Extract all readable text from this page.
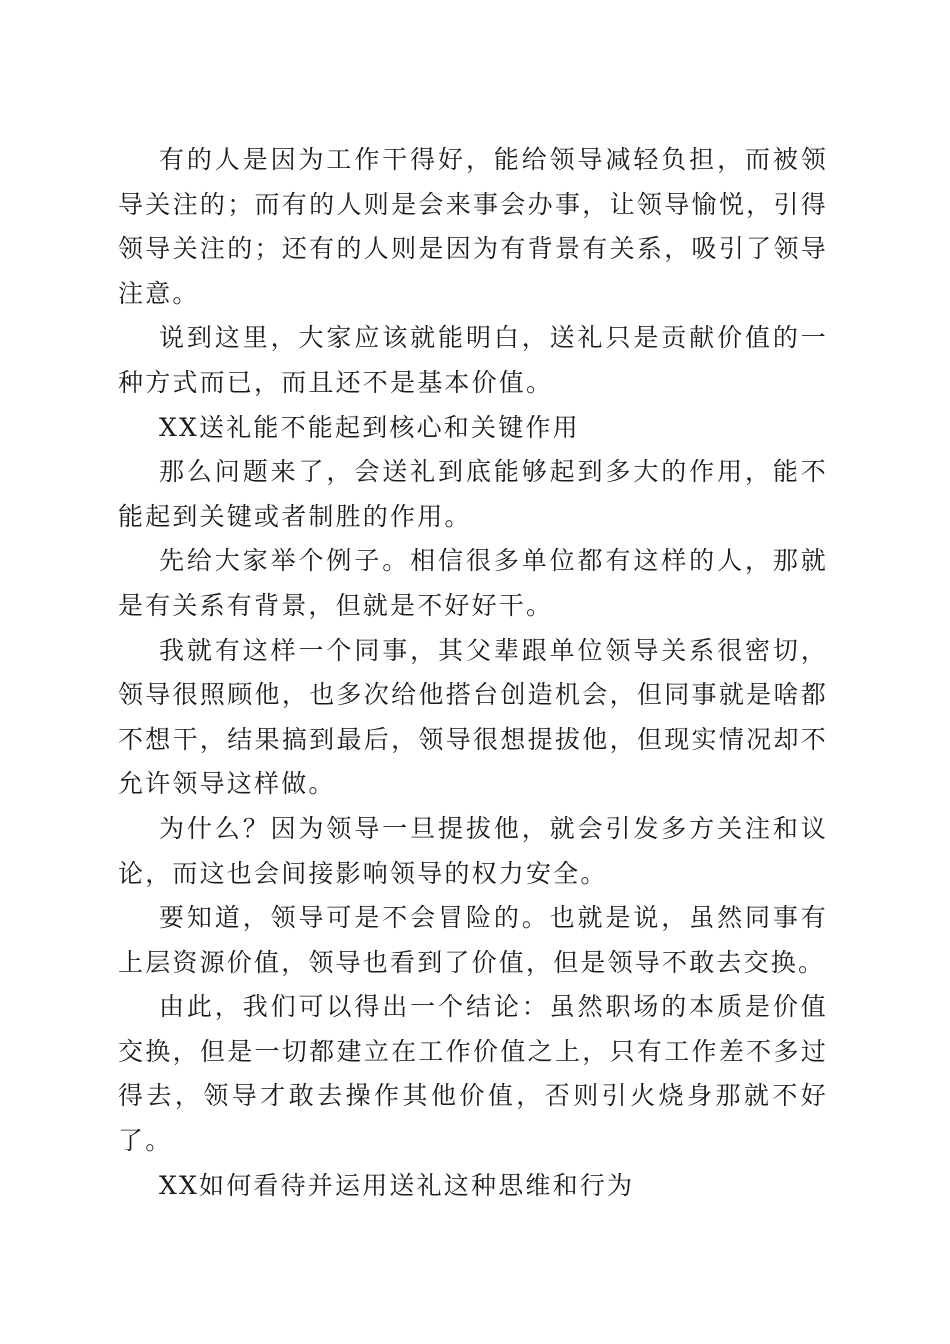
有的人是因为工作干得好，能给领导减轻负担，而被领导关注的；而有的人则是会来事会办事，让领导愉悦，引得领导关注的；还有的人则是因为有背景有关系，吸引了领导注意。

说到这里，大家应该就能明白，送礼只是贡献价值的一种方式而已，而且还不是基本价值。

XX送礼能不能起到核心和关键作用

那么问题来了，会送礼到底能够起到多大的作用，能不能起到关键或者制胜的作用。

先给大家举个例子。相信很多单位都有这样的人，那就是有关系有背景，但就是不好好干。

我就有这样一个同事，其父辈跟单位领导关系很密切，领导很照顾他，也多次给他搭台创造机会，但同事就是啥都不想干，结果搞到最后，领导很想提拔他，但现实情况却不允许领导这样做。

为什么？因为领导一旦提拔他，就会引发多方关注和议论，而这也会间接影响领导的权力安全。

要知道，领导可是不会冒险的。也就是说，虽然同事有上层资源价值，领导也看到了价值，但是领导不敢去交换。

由此，我们可以得出一个结论：虽然职场的本质是价值交换，但是一切都建立在工作价值之上，只有工作差不多过得去，领导才敢去操作其他价值，否则引火烧身那就不好了。

XX如何看待并运用送礼这种思维和行为
